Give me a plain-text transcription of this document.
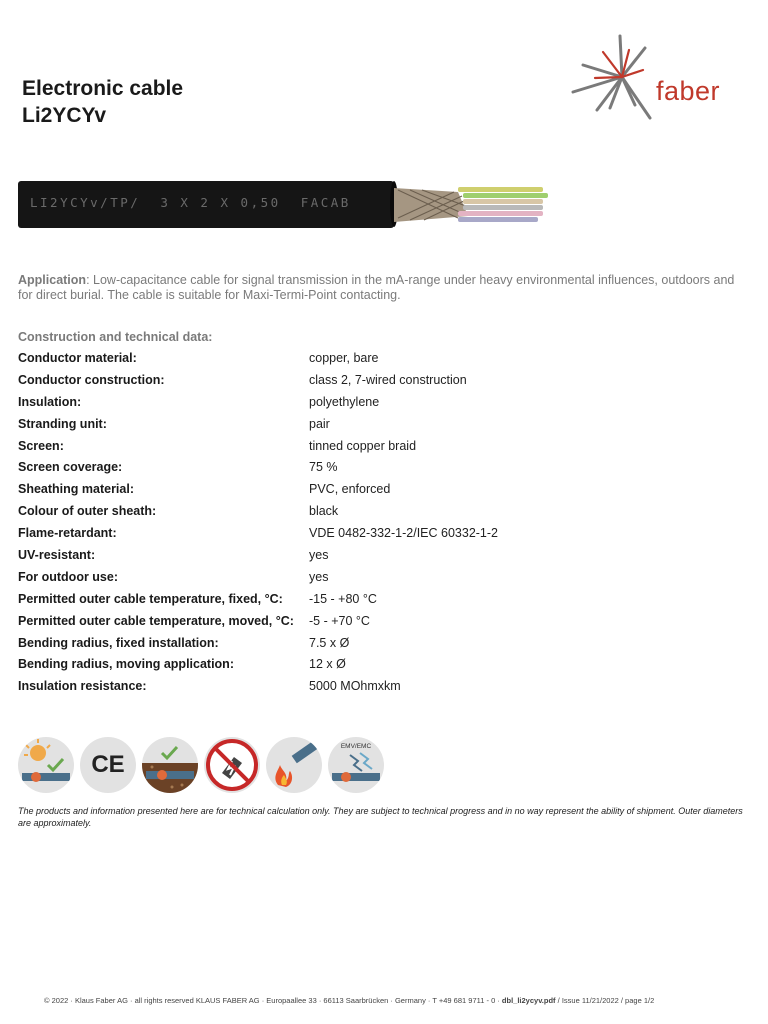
Electronic cable
Li2YCYv
faber
LI2YCYv/TP/  3 X 2 X 0,50  FACAB
Application: Low-capacitance cable for signal transmission in the mA-range under heavy environmental influences, outdoors and for direct burial. The cable is suitable for Maxi-Termi-Point contacting.
Construction and technical data:
Conductor material:	copper, bare
Conductor construction:	class 2, 7-wired construction
Insulation:	polyethylene
Stranding unit:	pair
Screen:	tinned copper braid
Screen coverage:	75 %
Sheathing material:	PVC, enforced
Colour of outer sheath:	black
Flame-retardant:	VDE 0482-332-1-2/IEC 60332-1-2
UV-resistant:	yes
For outdoor use:	yes
Permitted outer cable temperature, fixed, °C:	-15 - +80 °C
Permitted outer cable temperature, moved, °C:	-5 - +70 °C
Bending radius, fixed installation:	7.5 x Ø
Bending radius, moving application:	12 x Ø
Insulation resistance:	5000 MOhmxkm
CE
EMV/EMC
The products and information presented here are for technical calculation only. They are subject to technical progress and in no way represent the ability of shipment. Outer diameters are approximately.
© 2022 · Klaus Faber AG · all rights reserved KLAUS FABER AG · Europaallee 33 · 66113 Saarbrücken · Germany · T +49 681 9711 - 0 · dbl_li2ycyv.pdf / Issue 11/21/2022 / page 1/2
